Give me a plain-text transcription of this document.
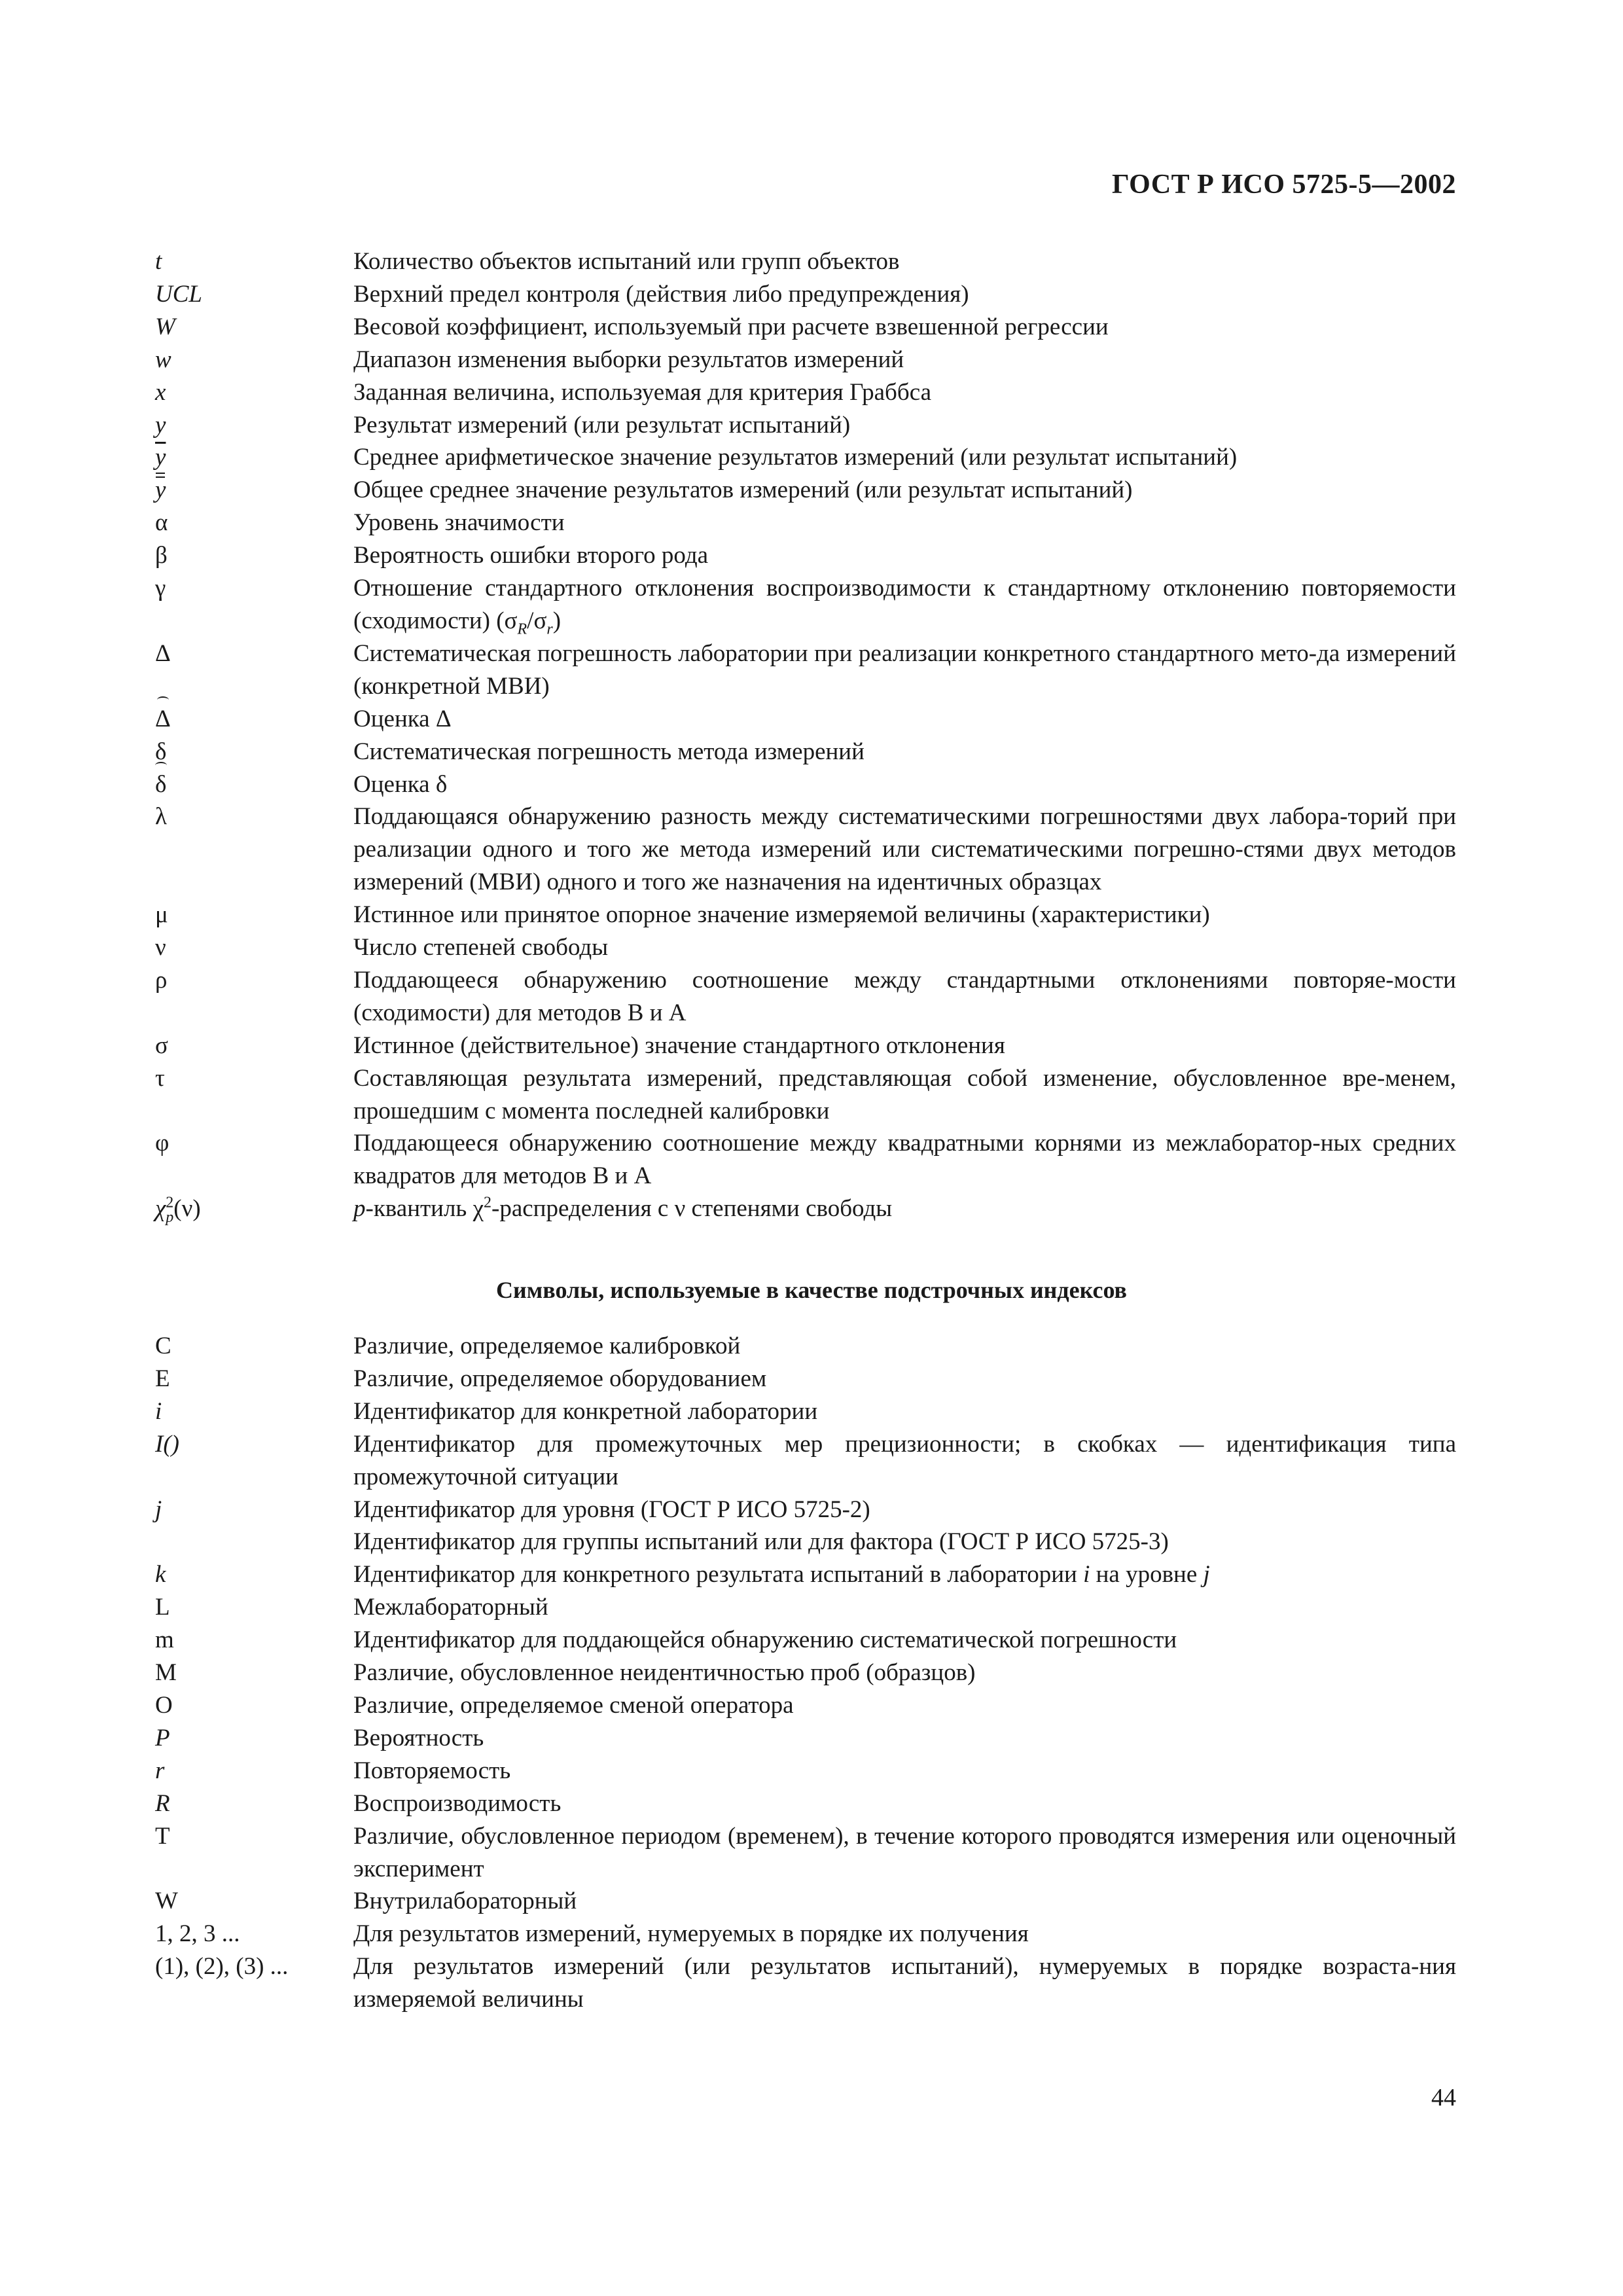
ГОСТ Р ИСО 5725-5—2002
t	Количество объектов испытаний или групп объектов
UCL	Верхний предел контроля (действия либо предупреждения)
W	Весовой коэффициент, используемый при расчете взвешенной регрессии
w	Диапазон изменения выборки результатов измерений
x	Заданная величина, используемая для критерия Граббса
y	Результат измерений (или результат испытаний)
$\overline{y}$	Среднее арифметическое значение результатов измерений (или результат испытаний)
y	Общее среднее значение результатов измерений (или результат испытаний)
α	Уровень значимости
β	Вероятность ошибки второго рода
γ	Отношение стандартного отклонения воспроизводимости к стандартному отклонению повторяемости (сходимости) $(\sigma_R/\sigma_r)$
Δ	Систематическая погрешность лаборатории при реализации конкретного стандартного мето-да измерений (конкретной МВИ)
Δ	Оценка Δ
δ	Систематическая погрешность метода измерений
δ	Оценка δ
λ	Поддающаяся обнаружению разность между систематическими погрешностями двух лабора-торий при реализации одного и того же метода измерений или систематическими погрешно-стями двух методов измерений (МВИ) одного и того же назначения на идентичных образцах
μ	Истинное или принятое опорное значение измеряемой величины (характеристики)
ν	Число степеней свободы
ρ	Поддающееся обнаружению соотношение между стандартными отклонениями повторяе-мости (сходимости) для методов В и А
σ	Истинное (действительное) значение стандартного отклонения
τ	Составляющая результата измерений, представляющая собой изменение, обусловленное вре-менем, прошедшим с момента последней калибровки
φ	Поддающееся обнаружению соотношение между квадратными корнями из межлаборатор-ных средних квадратов для методов В и А
$\chi^2_p(\nu)$	p-квантиль $\chi^2$-распределения с ν степенями свободы
Символы, используемые в качестве подстрочных индексов
C	Различие, определяемое калибровкой
E	Различие, определяемое оборудованием
i	Идентификатор для конкретной лаборатории
I()	Идентификатор для промежуточных мер прецизионности; в скобках — идентификация типа промежуточной ситуации
j	Идентификатор для уровня (ГОСТ Р ИСО 5725-2)
Идентификатор для группы испытаний или для фактора (ГОСТ Р ИСО 5725-3)
k	Идентификатор для конкретного результата испытаний в лаборатории i на уровне j
L	Межлабораторный
m	Идентификатор для поддающейся обнаружению систематической погрешности
M	Различие, обусловленное неидентичностью проб (образцов)
O	Различие, определяемое сменой оператора
P	Вероятность
r	Повторяемость
R	Воспроизводимость
T	Различие, обусловленное периодом (временем), в течение которого проводятся измерения или оценочный эксперимент
W	Внутрилабораторный
1, 2, 3 ...	Для результатов измерений, нумеруемых в порядке их получения
(1), (2), (3) ...	Для результатов измерений (или результатов испытаний), нумеруемых в порядке возраста-ния измеряемой величины
44
